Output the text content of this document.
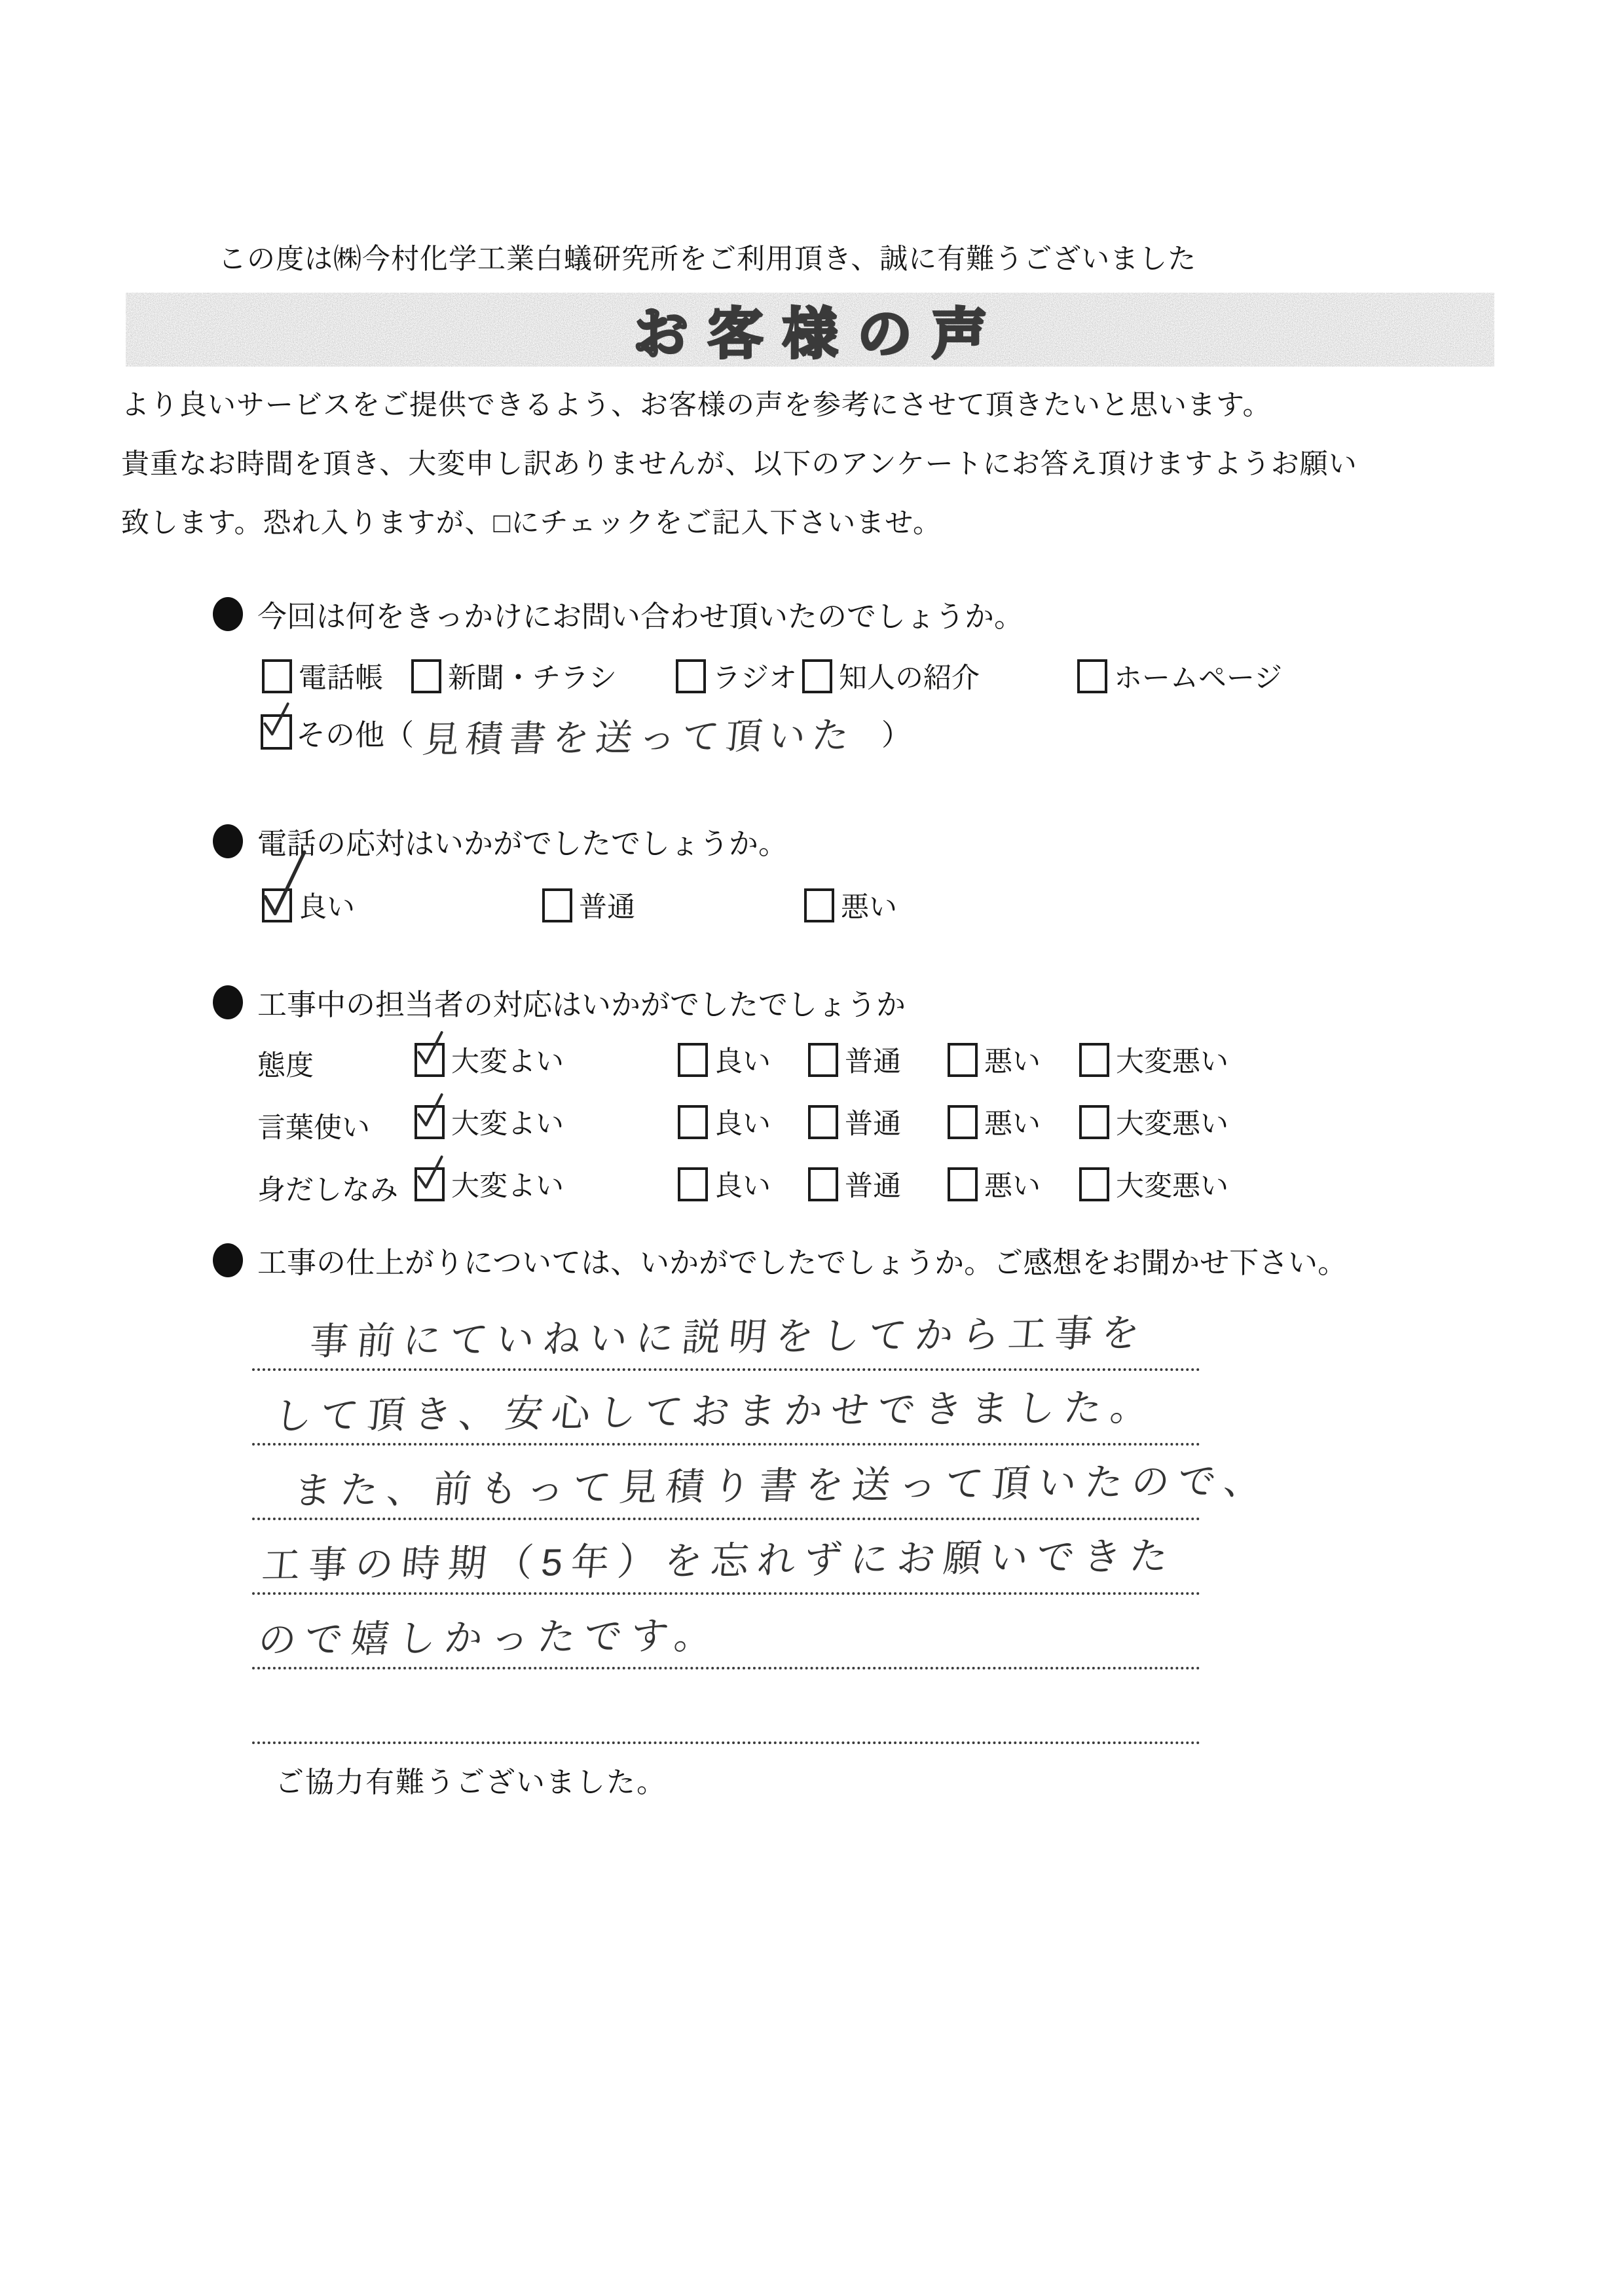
この度は㈱今村化学工業白蟻研究所をご利用頂き、誠に有難うございました
お客様の声
より良いサービスをご提供できるよう、お客様の声を参考にさせて頂きたいと思います。
貴重なお時間を頂き、大変申し訳ありませんが、以下のアンケートにお答え頂けますようお願い
致します。恐れ入りますが、□にチェックをご記入下さいませ。
今回は何をきっかけにお問い合わせ頂いたのでしょうか。
電話帳 新聞・チラシ	ラジオ 知人の紹介	ホームページ
その他（ 見積書を送って頂いた ）
電話の応対はいかがでしたでしょうか。
良い	普通	悪い
工事中の担当者の対応はいかがでしたでしょうか
態度	大変よい	良い	普通	悪い	大変悪い
言葉使い	大変よい	良い	普通	悪い	大変悪い
身だしなみ 大変よい	良い	普通	悪い	大変悪い
工事の仕上がりについては、いかがでしたでしょうか。ご感想をお聞かせ下さい。
事前にていねいに説明をしてから工事を
して頂き、安心しておまかせできました。
また、前もって見積り書を送って頂いたので、
工事の時期（5年）を忘れずにお願いできた
ので嬉しかったです。
ご協力有難うございました。
